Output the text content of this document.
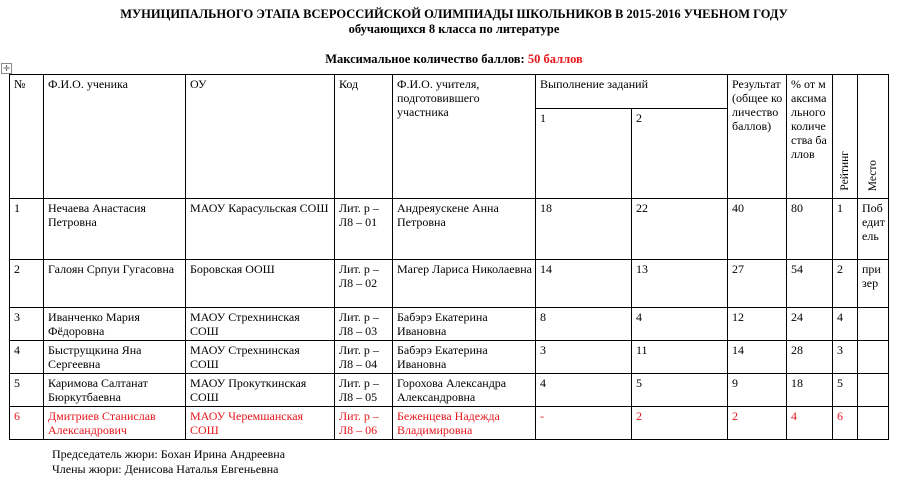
МУНИЦИПАЛЬНОГО ЭТАПА ВСЕРОССИЙСКОЙ ОЛИМПИАДЫ ШКОЛЬНИКОВ В 2015-2016 УЧЕБНОМ ГОДУ
обучающихся 8 класса по литературе
Максимальное количество баллов: 50 баллов
✛
№	Ф.И.О. ученика	ОУ	Код	Ф.И.О. учителя, подготовившего участника	Выполнение заданий		Результат (общее количество баллов)	% от максимального количества баллов	Рейтинг	Место
					1	2				
1	Нечаева Анастасия Петровна	МАОУ Карасульская СОШ	Лит. р – Л8 – 01	Андреяускене Анна Петровна	18	22	40	80	1	Победитель
2	Галоян Српуи Гугасовна	Боровская ООШ	Лит. р – Л8 – 02	Магер Лариса Николаевна	14	13	27	54	2	призер
3	Иванченко Мария Фёдоровна	МАОУ Стрехнинская СОШ	Лит. р – Л8 – 03	Бабэрэ Екатерина Ивановна	8	4	12	24	4	
4	Быструщкина Яна Сергеевна	МАОУ Стрехнинская СОШ	Лит. р – Л8 – 04	Бабэрэ Екатерина Ивановна	3	11	14	28	3	
5	Каримова Салтанат Бюркутбаевна	МАОУ Прокуткинская СОШ	Лит. р – Л8 – 05	Горохова Александра Александровна	4	5	9	18	5	
6	Дмитриев Станислав Александрович	МАОУ Черемшанская СОШ	Лит. р – Л8 – 06	Беженцева Надежда Владимировна	-	2	2	4	6	
Председатель жюри: Бохан Ирина Андреевна
Члены жюри: Денисова Наталья Евгеньевна
